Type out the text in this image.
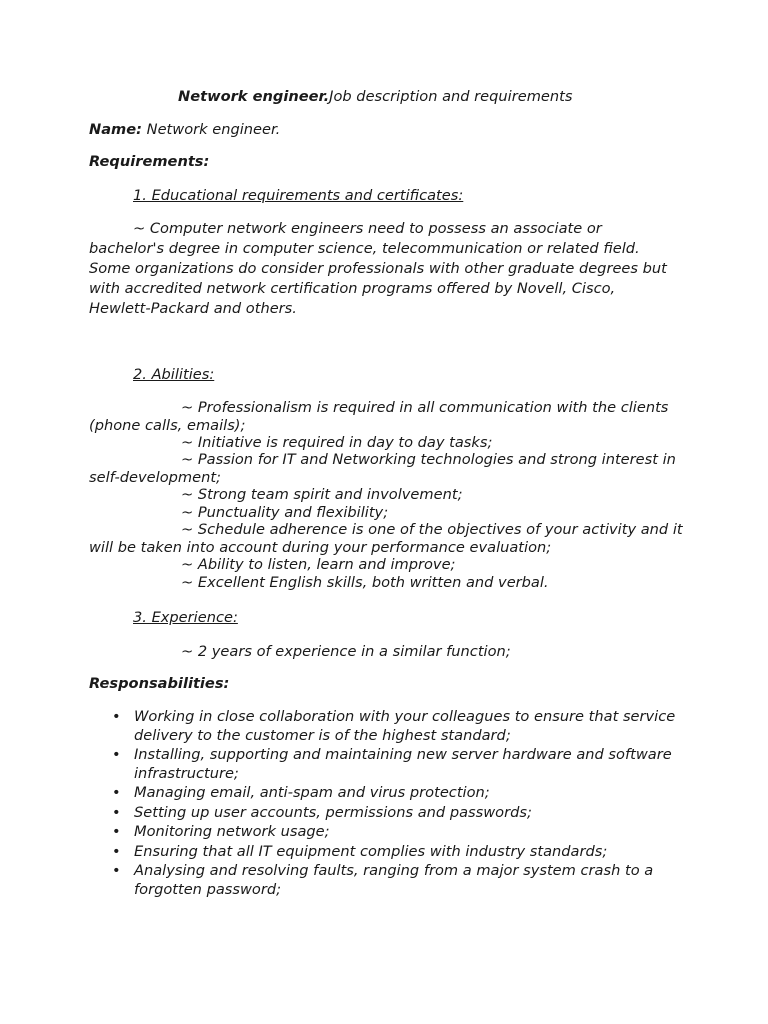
Network engineer.Job description and requirements
Name: Network engineer.
Requirements:
1. Educational requirements and certificates:

~ Computer network engineers need to possess an associate or bachelor's degree in computer science, telecommunication or related field. Some organizations do consider professionals with other graduate degrees but with accredited network certification programs offered by Novell, Cisco, Hewlett-Packard and others.

2. Abilities:

~ Professionalism is required in all communication with the clients (phone calls, emails);

~ Initiative is required in day to day tasks;

~ Passion for IT and Networking technologies and strong interest in self-development;

~ Strong team spirit and involvement;

~ Punctuality and flexibility;

~ Schedule adherence is one of the objectives of your activity and it will be taken into account during your performance evaluation;

~ Ability to listen, learn and improve;

~ Excellent English skills, both written and verbal.

3. Experience:
~ 2 years of experience in a similar function;
Responsabilities:
• Working in close collaboration with your colleagues to ensure that service delivery to the customer is of the highest standard;
• Installing, supporting and maintaining new server hardware and software infrastructure;
• Managing email, anti-spam and virus protection;
• Setting up user accounts, permissions and passwords;
• Monitoring network usage;
• Ensuring that all IT equipment complies with industry standards;
• Analysing and resolving faults, ranging from a major system crash to a forgotten password;
